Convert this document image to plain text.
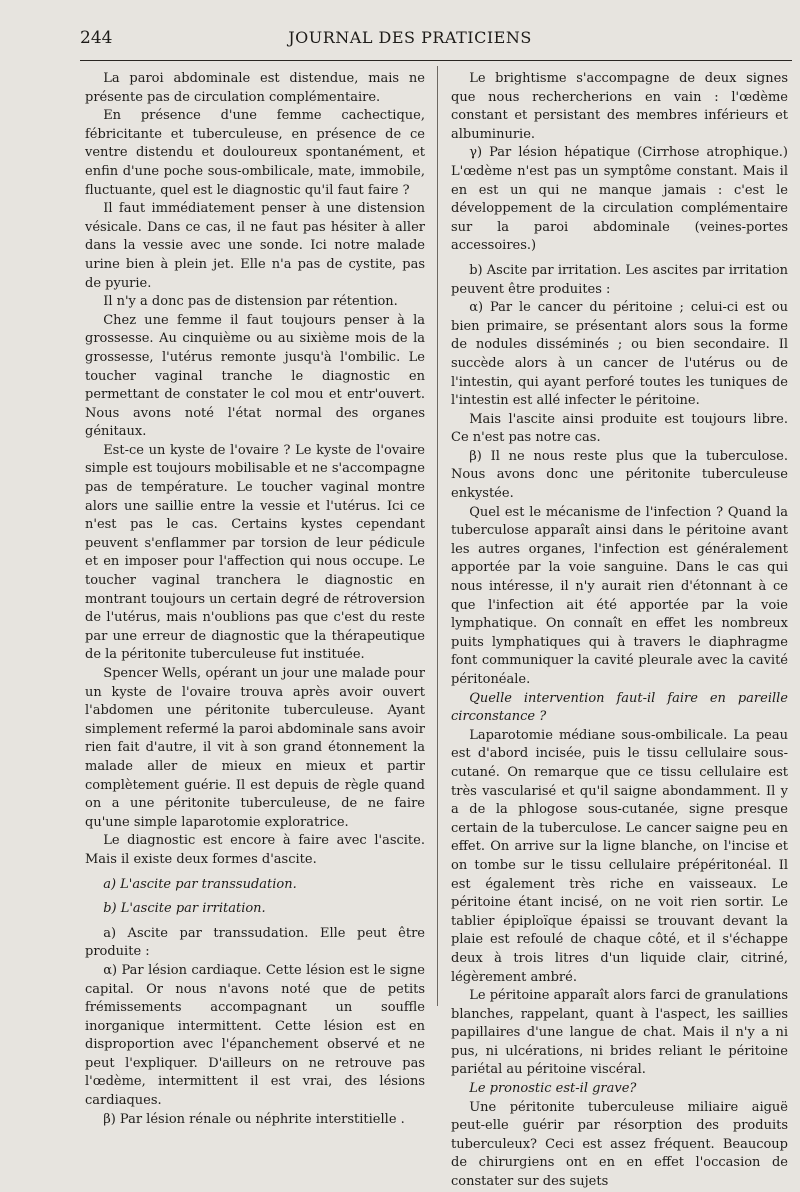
244	JOURNAL DES PRATICIENS

La paroi abdominale est distendue, mais ne présente pas de circulation complémentaire.

En présence d'une femme cachectique, fébricitante et tuberculeuse, en présence de ce ventre distendu et douloureux spontanément, et enfin d'une poche sous-ombilicale, mate, immobile, fluctuante, quel est le diagnostic qu'il faut faire ?

Il faut immédiatement penser à une distension vésicale. Dans ce cas, il ne faut pas hésiter à aller dans la vessie avec une sonde. Ici notre malade urine bien à plein jet. Elle n'a pas de cystite, pas de pyurie.

Il n'y a donc pas de distension par rétention.

Chez une femme il faut toujours penser à la grossesse. Au cinquième ou au sixième mois de la grossesse, l'utérus remonte jusqu'à l'ombilic. Le toucher vaginal tranche le diagnostic en permettant de constater le col mou et entr'ouvert. Nous avons noté l'état normal des organes génitaux.

Est-ce un kyste de l'ovaire ? Le kyste de l'ovaire simple est toujours mobilisable et ne s'accompagne pas de température. Le toucher vaginal montre alors une saillie entre la vessie et l'utérus. Ici ce n'est pas le cas. Certains kystes cependant peuvent s'enflammer par torsion de leur pédicule et en imposer pour l'affection qui nous occupe. Le toucher vaginal tranchera le diagnostic en montrant toujours un certain degré de rétroversion de l'utérus, mais n'oublions pas que c'est du reste par une erreur de diagnostic que la thérapeutique de la péritonite tuberculeuse fut instituée.

Spencer Wells, opérant un jour une malade pour un kyste de l'ovaire trouva après avoir ouvert l'abdomen une péritonite tuberculeuse. Ayant simplement refermé la paroi abdominale sans avoir rien fait d'autre, il vit à son grand étonnement la malade aller de mieux en mieux et partir complètement guérie. Il est depuis de règle quand on a une péritonite tuberculeuse, de ne faire qu'une simple laparotomie exploratrice.

Le diagnostic est encore à faire avec l'ascite. Mais il existe deux formes d'ascite.

a) L'ascite par transsudation.

b) L'ascite par irritation.

a) Ascite par transsudation. Elle peut être produite :

α) Par lésion cardiaque. Cette lésion est le signe capital. Or nous n'avons noté que de petits frémissements accompagnant un souffle inorganique intermittent. Cette lésion est en disproportion avec l'épanchement observé et ne peut l'expliquer. D'ailleurs on ne retrouve pas l'œdème, intermittent il est vrai, des lésions cardiaques.

β) Par lésion rénale ou néphrite interstitielle .

Le brightisme s'accompagne de deux signes que nous rechercherions en vain : l'œdème constant et persistant des membres inférieurs et albuminurie.

γ) Par lésion hépatique (Cirrhose atrophique.) L'œdème n'est pas un symptôme constant. Mais il en est un qui ne manque jamais : c'est le développement de la circulation complémentaire sur la paroi abdominale (veines-portes accessoires.)

b) Ascite par irritation. Les ascites par irritation peuvent être produites :

α) Par le cancer du péritoine ; celui-ci est ou bien primaire, se présentant alors sous la forme de nodules disséminés ; ou bien secondaire. Il succède alors à un cancer de l'utérus ou de l'intestin, qui ayant perforé toutes les tuniques de l'intestin est allé infecter le péritoine.

Mais l'ascite ainsi produite est toujours libre. Ce n'est pas notre cas.

β) Il ne nous reste plus que la tuberculose. Nous avons donc une péritonite tuberculeuse enkystée.

Quel est le mécanisme de l'infection ? Quand la tuberculose apparaît ainsi dans le péritoine avant les autres organes, l'infection est généralement apportée par la voie sanguine. Dans le cas qui nous intéresse, il n'y aurait rien d'étonnant à ce que l'infection ait été apportée par la voie lymphatique. On connaît en effet les nombreux puits lymphatiques qui à travers le diaphragme font communiquer la cavité pleurale avec la cavité péritonéale.

Quelle intervention faut-il faire en pareille circonstance ?

Laparotomie médiane sous-ombilicale. La peau est d'abord incisée, puis le tissu cellulaire sous-cutané. On remarque que ce tissu cellulaire est très vascularisé et qu'il saigne abondamment. Il y a de la phlogose sous-cutanée, signe presque certain de la tuberculose. Le cancer saigne peu en effet. On arrive sur la ligne blanche, on l'incise et on tombe sur le tissu cellulaire prépéritonéal. Il est également très riche en vaisseaux. Le péritoine étant incisé, on ne voit rien sortir. Le tablier épiploïque épaissi se trouvant devant la plaie est refoulé de chaque côté, et il s'échappe deux à trois litres d'un liquide clair, citriné, légèrement ambré.

Le péritoine apparaît alors farci de granulations blanches, rappelant, quant à l'aspect, les saillies papillaires d'une langue de chat. Mais il n'y a ni pus, ni ulcérations, ni brides reliant le péritoine pariétal au péritoine viscéral.

Le pronostic est-il grave?

Une péritonite tuberculeuse miliaire aiguë peut-elle guérir par résorption des produits tuberculeux? Ceci est assez fréquent. Beaucoup de chirurgiens ont en en effet l'occasion de constater sur des sujets
